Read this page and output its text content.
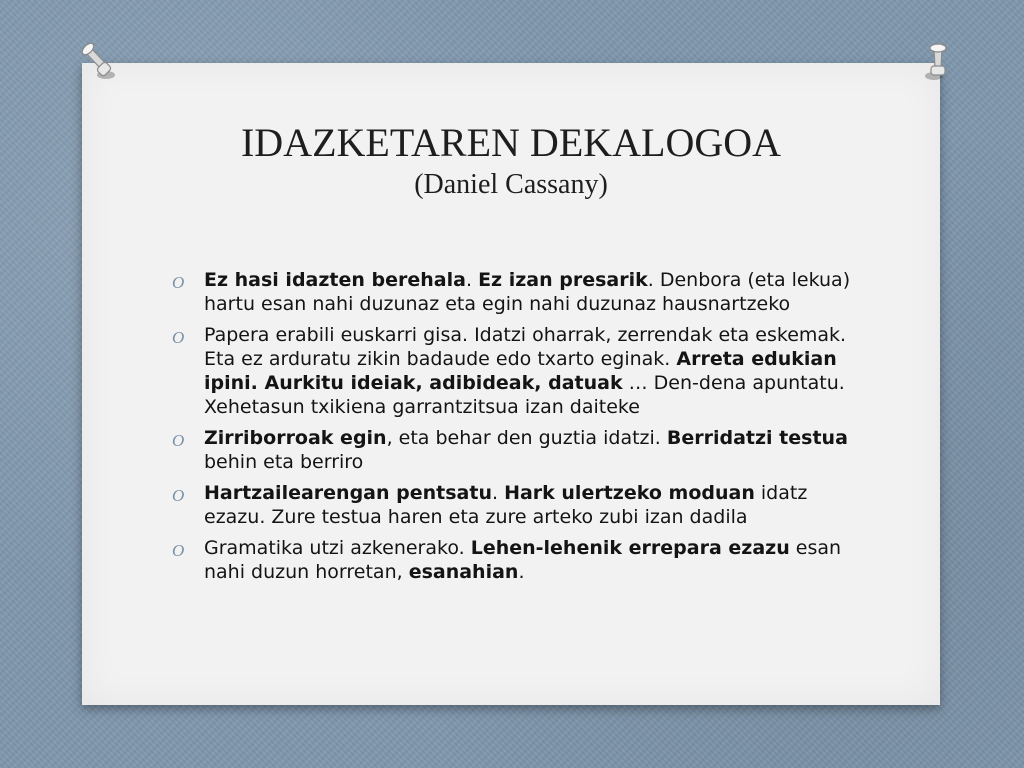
IDAZKETAREN DEKALOGOA
(Daniel Cassany)
O Ez hasi idazten berehala. Ez izan presarik. Denbora (eta lekua) hartu esan nahi duzunaz eta egin nahi duzunaz hausnartzeko
O Papera erabili euskarri gisa. Idatzi oharrak, zerrendak eta eskemak. Eta ez arduratu zikin badaude edo txarto eginak. Arreta edukian ipini. Aurkitu ideiak, adibideak, datuak … Den-dena apuntatu. Xehetasun txikiena garrantzitsua izan daiteke
O Zirriborroak egin, eta behar den guztia idatzi. Berridatzi testua behin eta berriro
O Hartzailearengan pentsatu. Hark ulertzeko moduan idatz ezazu. Zure testua haren eta zure arteko zubi izan dadila
O Gramatika utzi azkenerako. Lehen-lehenik errepara ezazu esan nahi duzun horretan, esanahian.
